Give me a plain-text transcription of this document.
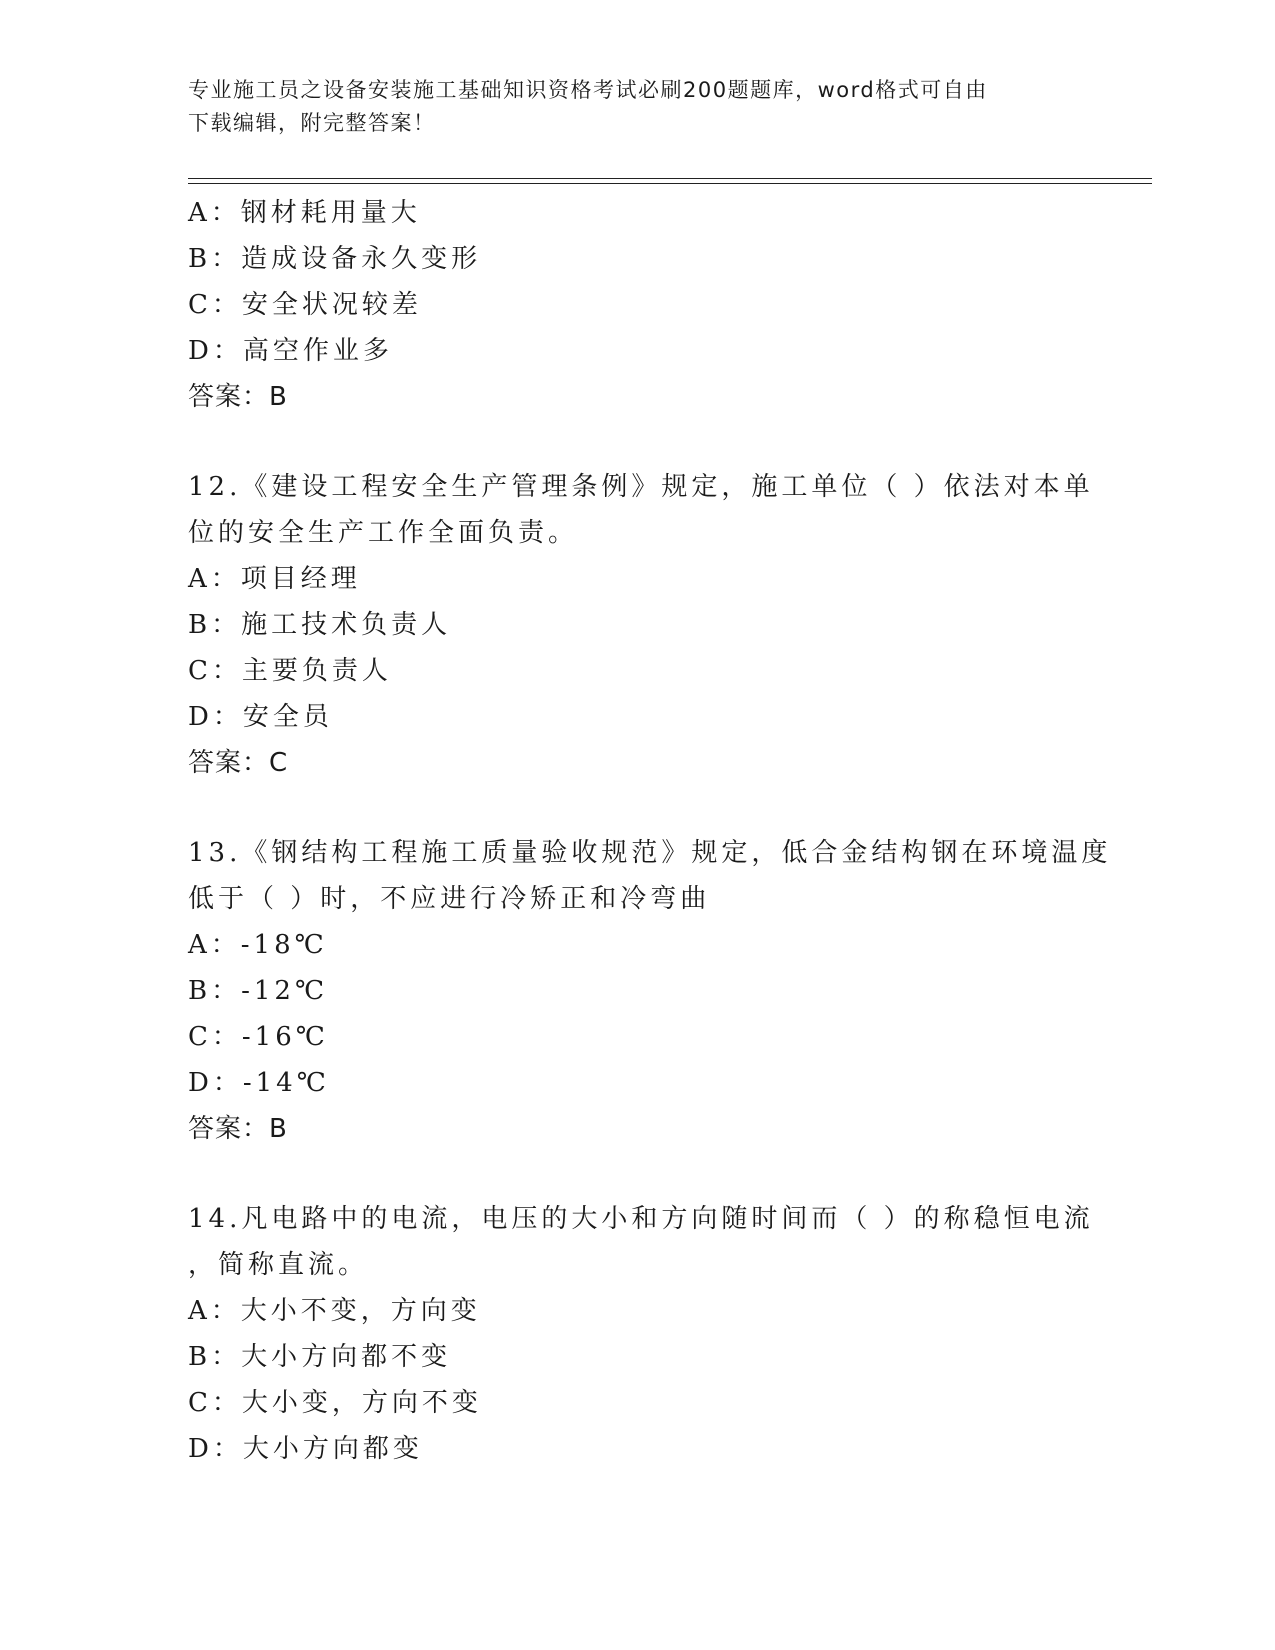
专业施工员之设备安装施工基础知识资格考试必刷200题题库，word格式可自由
下载编辑，附完整答案！
A：钢材耗用量大
B：造成设备永久变形
C：安全状况较差
D：高空作业多
答案：B
12.《建设工程安全生产管理条例》规定，施工单位（ ）依法对本单
位的安全生产工作全面负责。
A：项目经理
B：施工技术负责人
C：主要负责人
D：安全员
答案：C
13.《钢结构工程施工质量验收规范》规定，低合金结构钢在环境温度
低于（ ）时，不应进行冷矫正和冷弯曲
A：-18℃
B：-12℃
C：-16℃
D：-14℃
答案：B
14.凡电路中的电流，电压的大小和方向随时间而（ ）的称稳恒电流
，简称直流。
A：大小不变，方向变
B：大小方向都不变
C：大小变，方向不变
D：大小方向都变
